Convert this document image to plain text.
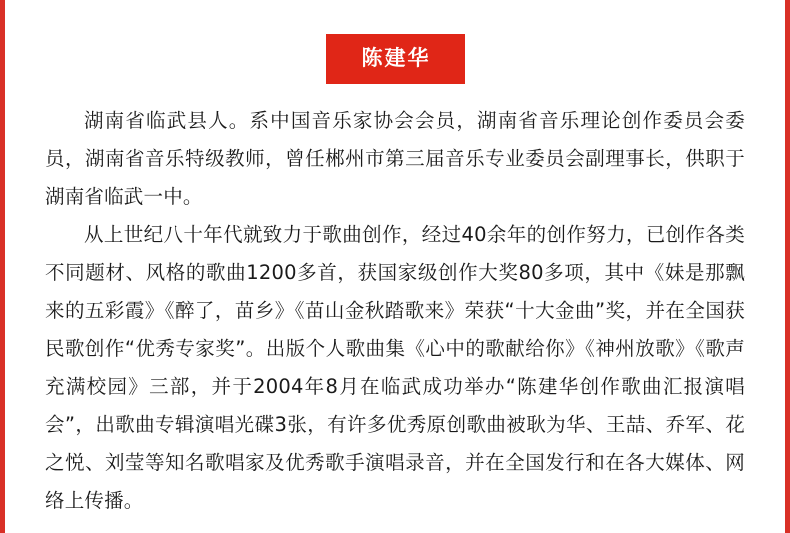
陈建华

湖南省临武县人。系中国音乐家协会会员，湖南省音乐理论创作委员会委员，湖南省音乐特级教师，曾任郴州市第三届音乐专业委员会副理事长，供职于湖南省临武一中。

从上世纪八十年代就致力于歌曲创作，经过40余年的创作努力，已创作各类不同题材、风格的歌曲1200多首，获国家级创作大奖80多项，其中《妹是那飘来的五彩霞》《醉了，苗乡》《苗山金秋踏歌来》荣获“十大金曲”奖，并在全国获民歌创作“优秀专家奖”。出版个人歌曲集《心中的歌献给你》《神州放歌》《歌声充满校园》三部，并于2004年8月在临武成功举办“陈建华创作歌曲汇报演唱会”，出歌曲专辑演唱光碟3张，有许多优秀原创歌曲被耿为华、王喆、乔军、花之悦、刘莹等知名歌唱家及优秀歌手演唱录音，并在全国发行和在各大媒体、网络上传播。
